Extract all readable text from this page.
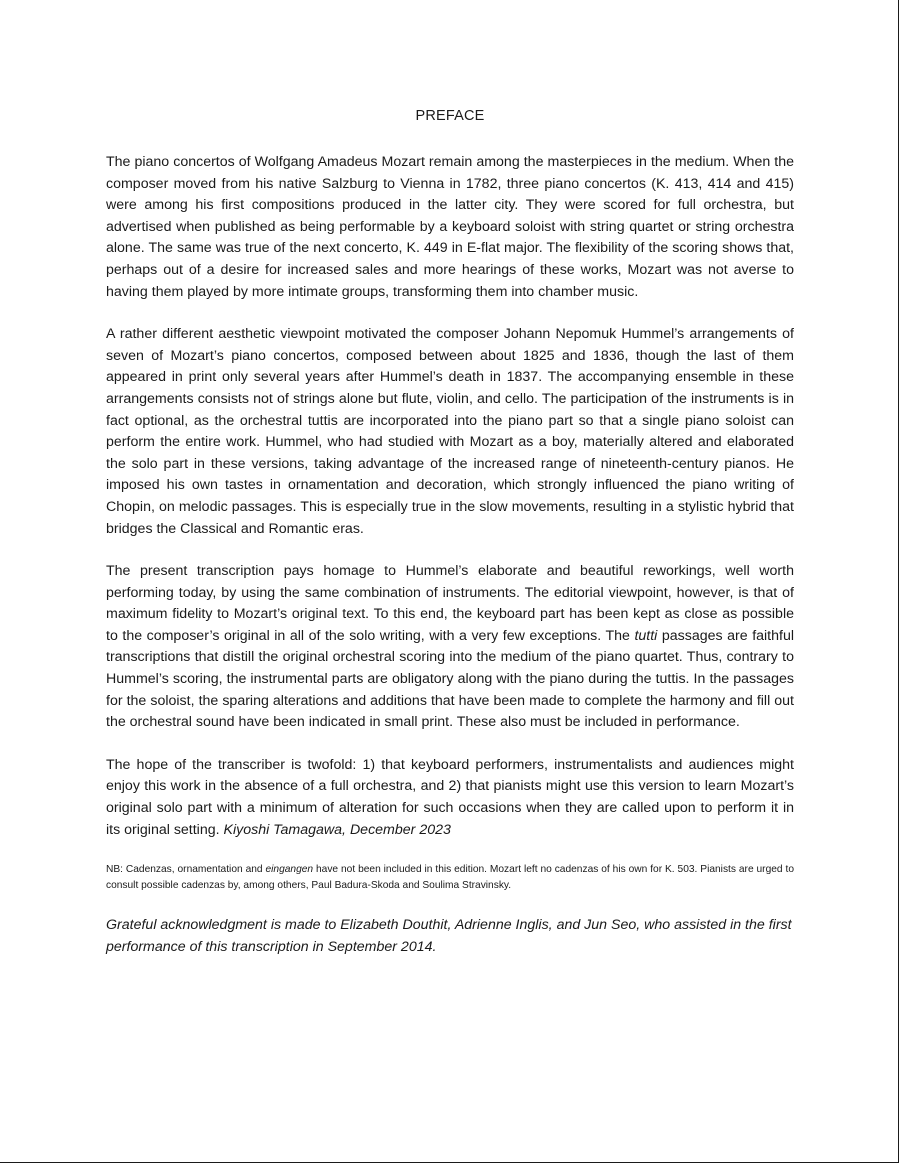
PREFACE

The piano concertos of Wolfgang Amadeus Mozart remain among the masterpieces in the medium. When the composer moved from his native Salzburg to Vienna in 1782, three piano concertos (K. 413, 414 and 415) were among his first compositions produced in the latter city. They were scored for full orchestra, but advertised when published as being performable by a keyboard soloist with string quartet or string orchestra alone. The same was true of the next concerto, K. 449 in E-flat major. The flexibility of the scoring shows that, perhaps out of a desire for increased sales and more hearings of these works, Mozart was not averse to having them played by more intimate groups, transforming them into chamber music.

A rather different aesthetic viewpoint motivated the composer Johann Nepomuk Hummel’s arrangements of seven of Mozart’s piano concertos, composed between about 1825 and 1836, though the last of them appeared in print only several years after Hummel’s death in 1837. The accompanying ensemble in these arrangements consists not of strings alone but flute, violin, and cello. The participation of the instruments is in fact optional, as the orchestral tuttis are incorporated into the piano part so that a single piano soloist can perform the entire work. Hummel, who had studied with Mozart as a boy, materially altered and elaborated the solo part in these versions, taking advantage of the increased range of nineteenth-century pianos. He imposed his own tastes in ornamentation and decoration, which strongly influenced the piano writing of Chopin, on melodic passages. This is especially true in the slow movements, resulting in a stylistic hybrid that bridges the Classical and Romantic eras.

The present transcription pays homage to Hummel’s elaborate and beautiful reworkings, well worth performing today, by using the same combination of instruments. The editorial viewpoint, however, is that of maximum fidelity to Mozart’s original text. To this end, the keyboard part has been kept as close as possible to the composer’s original in all of the solo writing, with a very few exceptions. The tutti passages are faithful transcriptions that distill the original orchestral scoring into the medium of the piano quartet. Thus, contrary to Hummel’s scoring, the instrumental parts are obligatory along with the piano during the tuttis. In the passages for the soloist, the sparing alterations and additions that have been made to complete the harmony and fill out the orchestral sound have been indicated in small print. These also must be included in performance.

The hope of the transcriber is twofold: 1) that keyboard performers, instrumentalists and audiences might enjoy this work in the absence of a full orchestra, and 2) that pianists might use this version to learn Mozart’s original solo part with a minimum of alteration for such occasions when they are called upon to perform it in its original setting. Kiyoshi Tamagawa, December 2023

NB: Cadenzas, ornamentation and eingangen have not been included in this edition. Mozart left no cadenzas of his own for K. 503. Pianists are urged to consult possible cadenzas by, among others, Paul Badura-Skoda and Soulima Stravinsky.

Grateful acknowledgment is made to Elizabeth Douthit, Adrienne Inglis, and Jun Seo, who assisted in the first performance of this transcription in September 2014.
